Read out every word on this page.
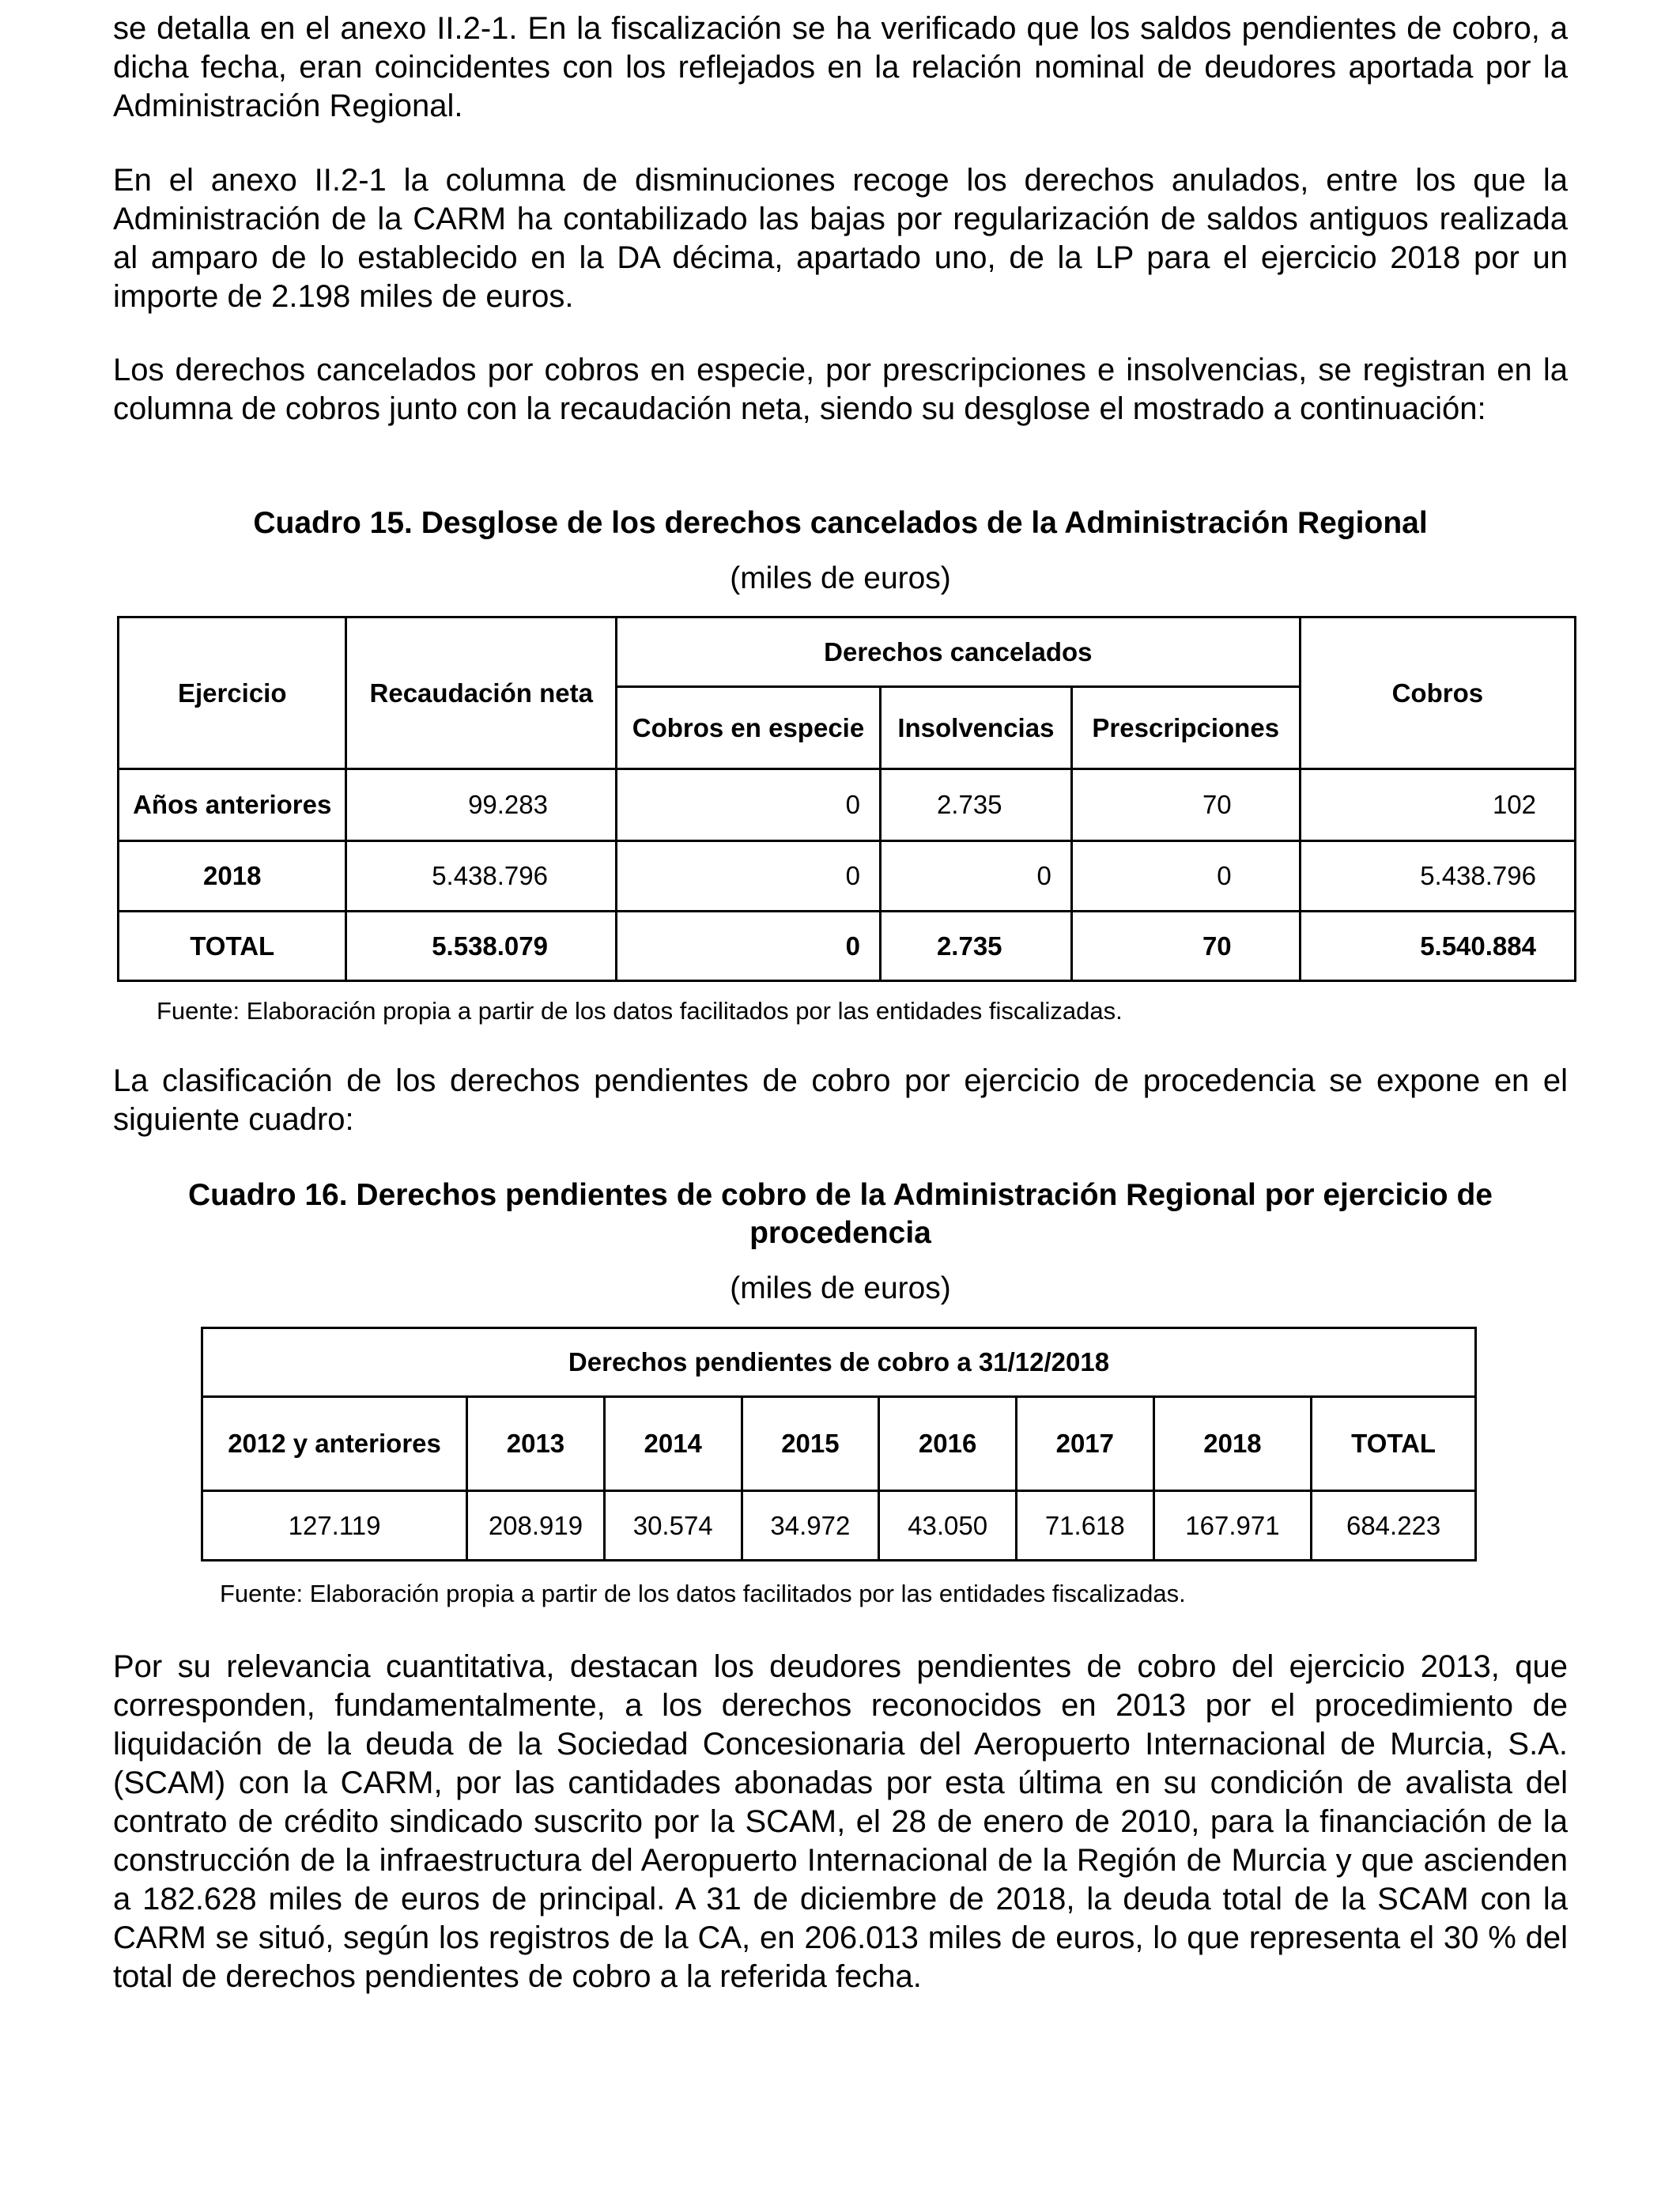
se detalla en el anexo II.2-1. En la fiscalización se ha verificado que los saldos pendientes de cobro, a dicha fecha, eran coincidentes con los reflejados en la relación nominal de deudores aportada por la Administración Regional.

En el anexo II.2-1 la columna de disminuciones recoge los derechos anulados, entre los que la Administración de la CARM ha contabilizado las bajas por regularización de saldos antiguos realizada al amparo de lo establecido en la DA décima, apartado uno, de la LP para el ejercicio 2018 por un importe de 2.198 miles de euros.

Los derechos cancelados por cobros en especie, por prescripciones e insolvencias, se registran en la columna de cobros junto con la recaudación neta, siendo su desglose el mostrado a continuación:

Cuadro 15. Desglose de los derechos cancelados de la Administración Regional
(miles de euros)
Ejercicio	Recaudación neta	Derechos cancelados			Cobros
		Cobros en especie	Insolvencias	Prescripciones	
Años anteriores	99.283	0	2.735	70	102
2018	5.438.796	0	0	0	5.438.796
TOTAL	5.538.079	0	2.735	70	5.540.884
Fuente: Elaboración propia a partir de los datos facilitados por las entidades fiscalizadas.

La clasificación de los derechos pendientes de cobro por ejercicio de procedencia se expone en el siguiente cuadro:

Cuadro 16. Derechos pendientes de cobro de la Administración Regional por ejercicio de
procedencia
(miles de euros)
Derechos pendientes de cobro a 31/12/2018							
2012 y anteriores	2013	2014	2015	2016	2017	2018	TOTAL
127.119	208.919	30.574	34.972	43.050	71.618	167.971	684.223
Fuente: Elaboración propia a partir de los datos facilitados por las entidades fiscalizadas.

Por su relevancia cuantitativa, destacan los deudores pendientes de cobro del ejercicio 2013, que corresponden, fundamentalmente, a los derechos reconocidos en 2013 por el procedimiento de liquidación de la deuda de la Sociedad Concesionaria del Aeropuerto Internacional de Murcia, S.A. (SCAM) con la CARM, por las cantidades abonadas por esta última en su condición de avalista del contrato de crédito sindicado suscrito por la SCAM, el 28 de enero de 2010, para la financiación de la construcción de la infraestructura del Aeropuerto Internacional de la Región de Murcia y que ascienden a 182.628 miles de euros de principal. A 31 de diciembre de 2018, la deuda total de la SCAM con la CARM se situó, según los registros de la CA, en 206.013 miles de euros, lo que representa el 30 % del total de derechos pendientes de cobro a la referida fecha.
